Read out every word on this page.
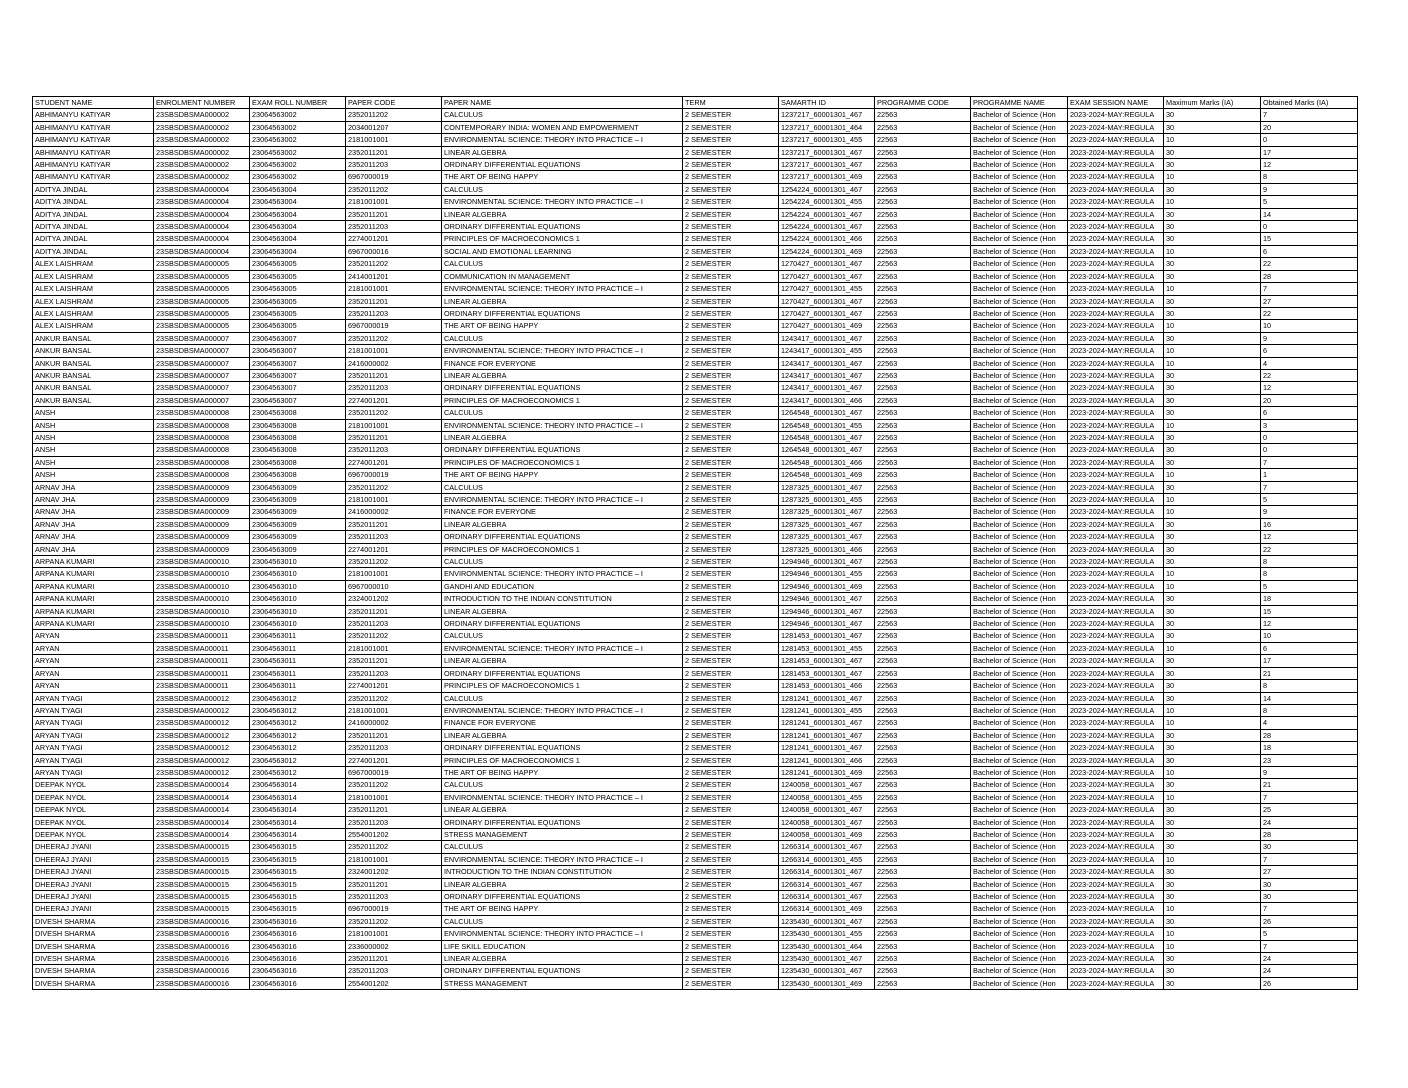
STUDENT NAME	ENROLMENT NUMBER	EXAM ROLL NUMBER	PAPER CODE	PAPER NAME	TERM	SAMARTH ID	PROGRAMME CODE	PROGRAMME NAME	EXAM SESSION NAME	Maximum Marks (IA)	Obtained Marks (IA)
ABHIMANYU KATIYAR	23SBSDBSMA000002	23064563002	2352011202	CALCULUS	2 SEMESTER	1237217_60001301_467	22563	Bachelor of Science (Hon	2023-2024-MAY:REGULA	30	7
ABHIMANYU KATIYAR	23SBSDBSMA000002	23064563002	2034001207	CONTEMPORARY INDIA: WOMEN AND EMPOWERMENT	2 SEMESTER	1237217_60001301_464	22563	Bachelor of Science (Hon	2023-2024-MAY:REGULA	30	20
ABHIMANYU KATIYAR	23SBSDBSMA000002	23064563002	2181001001	ENVIRONMENTAL SCIENCE: THEORY INTO PRACTICE – I	2 SEMESTER	1237217_60001301_455	22563	Bachelor of Science (Hon	2023-2024-MAY:REGULA	10	0
ABHIMANYU KATIYAR	23SBSDBSMA000002	23064563002	2352011201	LINEAR ALGEBRA	2 SEMESTER	1237217_60001301_467	22563	Bachelor of Science (Hon	2023-2024-MAY:REGULA	30	17
ABHIMANYU KATIYAR	23SBSDBSMA000002	23064563002	2352011203	ORDINARY DIFFERENTIAL EQUATIONS	2 SEMESTER	1237217_60001301_467	22563	Bachelor of Science (Hon	2023-2024-MAY:REGULA	30	12
ABHIMANYU KATIYAR	23SBSDBSMA000002	23064563002	6967000019	THE ART OF BEING HAPPY	2 SEMESTER	1237217_60001301_469	22563	Bachelor of Science (Hon	2023-2024-MAY:REGULA	10	8
ADITYA JINDAL	23SBSDBSMA000004	23064563004	2352011202	CALCULUS	2 SEMESTER	1254224_60001301_467	22563	Bachelor of Science (Hon	2023-2024-MAY:REGULA	30	9
ADITYA JINDAL	23SBSDBSMA000004	23064563004	2181001001	ENVIRONMENTAL SCIENCE: THEORY INTO PRACTICE – I	2 SEMESTER	1254224_60001301_455	22563	Bachelor of Science (Hon	2023-2024-MAY:REGULA	10	5
ADITYA JINDAL	23SBSDBSMA000004	23064563004	2352011201	LINEAR ALGEBRA	2 SEMESTER	1254224_60001301_467	22563	Bachelor of Science (Hon	2023-2024-MAY:REGULA	30	14
ADITYA JINDAL	23SBSDBSMA000004	23064563004	2352011203	ORDINARY DIFFERENTIAL EQUATIONS	2 SEMESTER	1254224_60001301_467	22563	Bachelor of Science (Hon	2023-2024-MAY:REGULA	30	0
ADITYA JINDAL	23SBSDBSMA000004	23064563004	2274001201	PRINCIPLES OF MACROECONOMICS 1	2 SEMESTER	1254224_60001301_466	22563	Bachelor of Science (Hon	2023-2024-MAY:REGULA	30	15
ADITYA JINDAL	23SBSDBSMA000004	23064563004	6967000016	SOCIAL AND EMOTIONAL LEARNING	2 SEMESTER	1254224_60001301_469	22563	Bachelor of Science (Hon	2023-2024-MAY:REGULA	10	6
ALEX LAISHRAM	23SBSDBSMA000005	23064563005	2352011202	CALCULUS	2 SEMESTER	1270427_60001301_467	22563	Bachelor of Science (Hon	2023-2024-MAY:REGULA	30	22
ALEX LAISHRAM	23SBSDBSMA000005	23064563005	2414001201	COMMUNICATION IN MANAGEMENT	2 SEMESTER	1270427_60001301_467	22563	Bachelor of Science (Hon	2023-2024-MAY:REGULA	30	28
ALEX LAISHRAM	23SBSDBSMA000005	23064563005	2181001001	ENVIRONMENTAL SCIENCE: THEORY INTO PRACTICE – I	2 SEMESTER	1270427_60001301_455	22563	Bachelor of Science (Hon	2023-2024-MAY:REGULA	10	7
ALEX LAISHRAM	23SBSDBSMA000005	23064563005	2352011201	LINEAR ALGEBRA	2 SEMESTER	1270427_60001301_467	22563	Bachelor of Science (Hon	2023-2024-MAY:REGULA	30	27
ALEX LAISHRAM	23SBSDBSMA000005	23064563005	2352011203	ORDINARY DIFFERENTIAL EQUATIONS	2 SEMESTER	1270427_60001301_467	22563	Bachelor of Science (Hon	2023-2024-MAY:REGULA	30	22
ALEX LAISHRAM	23SBSDBSMA000005	23064563005	6967000019	THE ART OF BEING HAPPY	2 SEMESTER	1270427_60001301_469	22563	Bachelor of Science (Hon	2023-2024-MAY:REGULA	10	10
ANKUR BANSAL	23SBSDBSMA000007	23064563007	2352011202	CALCULUS	2 SEMESTER	1243417_60001301_467	22563	Bachelor of Science (Hon	2023-2024-MAY:REGULA	30	9
ANKUR BANSAL	23SBSDBSMA000007	23064563007	2181001001	ENVIRONMENTAL SCIENCE: THEORY INTO PRACTICE – I	2 SEMESTER	1243417_60001301_455	22563	Bachelor of Science (Hon	2023-2024-MAY:REGULA	10	6
ANKUR BANSAL	23SBSDBSMA000007	23064563007	2416000002	FINANCE FOR EVERYONE	2 SEMESTER	1243417_60001301_467	22563	Bachelor of Science (Hon	2023-2024-MAY:REGULA	10	4
ANKUR BANSAL	23SBSDBSMA000007	23064563007	2352011201	LINEAR ALGEBRA	2 SEMESTER	1243417_60001301_467	22563	Bachelor of Science (Hon	2023-2024-MAY:REGULA	30	22
ANKUR BANSAL	23SBSDBSMA000007	23064563007	2352011203	ORDINARY DIFFERENTIAL EQUATIONS	2 SEMESTER	1243417_60001301_467	22563	Bachelor of Science (Hon	2023-2024-MAY:REGULA	30	12
ANKUR BANSAL	23SBSDBSMA000007	23064563007	2274001201	PRINCIPLES OF MACROECONOMICS 1	2 SEMESTER	1243417_60001301_466	22563	Bachelor of Science (Hon	2023-2024-MAY:REGULA	30	20
ANSH	23SBSDBSMA000008	23064563008	2352011202	CALCULUS	2 SEMESTER	1264548_60001301_467	22563	Bachelor of Science (Hon	2023-2024-MAY:REGULA	30	6
ANSH	23SBSDBSMA000008	23064563008	2181001001	ENVIRONMENTAL SCIENCE: THEORY INTO PRACTICE – I	2 SEMESTER	1264548_60001301_455	22563	Bachelor of Science (Hon	2023-2024-MAY:REGULA	10	3
ANSH	23SBSDBSMA000008	23064563008	2352011201	LINEAR ALGEBRA	2 SEMESTER	1264548_60001301_467	22563	Bachelor of Science (Hon	2023-2024-MAY:REGULA	30	0
ANSH	23SBSDBSMA000008	23064563008	2352011203	ORDINARY DIFFERENTIAL EQUATIONS	2 SEMESTER	1264548_60001301_467	22563	Bachelor of Science (Hon	2023-2024-MAY:REGULA	30	0
ANSH	23SBSDBSMA000008	23064563008	2274001201	PRINCIPLES OF MACROECONOMICS 1	2 SEMESTER	1264548_60001301_466	22563	Bachelor of Science (Hon	2023-2024-MAY:REGULA	30	7
ANSH	23SBSDBSMA000008	23064563008	6967000019	THE ART OF BEING HAPPY	2 SEMESTER	1264548_60001301_469	22563	Bachelor of Science (Hon	2023-2024-MAY:REGULA	10	1
ARNAV JHA	23SBSDBSMA000009	23064563009	2352011202	CALCULUS	2 SEMESTER	1287325_60001301_467	22563	Bachelor of Science (Hon	2023-2024-MAY:REGULA	30	7
ARNAV JHA	23SBSDBSMA000009	23064563009	2181001001	ENVIRONMENTAL SCIENCE: THEORY INTO PRACTICE – I	2 SEMESTER	1287325_60001301_455	22563	Bachelor of Science (Hon	2023-2024-MAY:REGULA	10	5
ARNAV JHA	23SBSDBSMA000009	23064563009	2416000002	FINANCE FOR EVERYONE	2 SEMESTER	1287325_60001301_467	22563	Bachelor of Science (Hon	2023-2024-MAY:REGULA	10	9
ARNAV JHA	23SBSDBSMA000009	23064563009	2352011201	LINEAR ALGEBRA	2 SEMESTER	1287325_60001301_467	22563	Bachelor of Science (Hon	2023-2024-MAY:REGULA	30	16
ARNAV JHA	23SBSDBSMA000009	23064563009	2352011203	ORDINARY DIFFERENTIAL EQUATIONS	2 SEMESTER	1287325_60001301_467	22563	Bachelor of Science (Hon	2023-2024-MAY:REGULA	30	12
ARNAV JHA	23SBSDBSMA000009	23064563009	2274001201	PRINCIPLES OF MACROECONOMICS 1	2 SEMESTER	1287325_60001301_466	22563	Bachelor of Science (Hon	2023-2024-MAY:REGULA	30	22
ARPANA KUMARI	23SBSDBSMA000010	23064563010	2352011202	CALCULUS	2 SEMESTER	1294946_60001301_467	22563	Bachelor of Science (Hon	2023-2024-MAY:REGULA	30	8
ARPANA KUMARI	23SBSDBSMA000010	23064563010	2181001001	ENVIRONMENTAL SCIENCE: THEORY INTO PRACTICE – I	2 SEMESTER	1294946_60001301_455	22563	Bachelor of Science (Hon	2023-2024-MAY:REGULA	10	8
ARPANA KUMARI	23SBSDBSMA000010	23064563010	6967000010	GANDHI AND EDUCATION	2 SEMESTER	1294946_60001301_469	22563	Bachelor of Science (Hon	2023-2024-MAY:REGULA	10	5
ARPANA KUMARI	23SBSDBSMA000010	23064563010	2324001202	INTRODUCTION TO THE INDIAN CONSTITUTION	2 SEMESTER	1294946_60001301_467	22563	Bachelor of Science (Hon	2023-2024-MAY:REGULA	30	18
ARPANA KUMARI	23SBSDBSMA000010	23064563010	2352011201	LINEAR ALGEBRA	2 SEMESTER	1294946_60001301_467	22563	Bachelor of Science (Hon	2023-2024-MAY:REGULA	30	15
ARPANA KUMARI	23SBSDBSMA000010	23064563010	2352011203	ORDINARY DIFFERENTIAL EQUATIONS	2 SEMESTER	1294946_60001301_467	22563	Bachelor of Science (Hon	2023-2024-MAY:REGULA	30	12
ARYAN	23SBSDBSMA000011	23064563011	2352011202	CALCULUS	2 SEMESTER	1281453_60001301_467	22563	Bachelor of Science (Hon	2023-2024-MAY:REGULA	30	10
ARYAN	23SBSDBSMA000011	23064563011	2181001001	ENVIRONMENTAL SCIENCE: THEORY INTO PRACTICE – I	2 SEMESTER	1281453_60001301_455	22563	Bachelor of Science (Hon	2023-2024-MAY:REGULA	10	6
ARYAN	23SBSDBSMA000011	23064563011	2352011201	LINEAR ALGEBRA	2 SEMESTER	1281453_60001301_467	22563	Bachelor of Science (Hon	2023-2024-MAY:REGULA	30	17
ARYAN	23SBSDBSMA000011	23064563011	2352011203	ORDINARY DIFFERENTIAL EQUATIONS	2 SEMESTER	1281453_60001301_467	22563	Bachelor of Science (Hon	2023-2024-MAY:REGULA	30	21
ARYAN	23SBSDBSMA000011	23064563011	2274001201	PRINCIPLES OF MACROECONOMICS 1	2 SEMESTER	1281453_60001301_466	22563	Bachelor of Science (Hon	2023-2024-MAY:REGULA	30	8
ARYAN TYAGI	23SBSDBSMA000012	23064563012	2352011202	CALCULUS	2 SEMESTER	1281241_60001301_467	22563	Bachelor of Science (Hon	2023-2024-MAY:REGULA	30	14
ARYAN TYAGI	23SBSDBSMA000012	23064563012	2181001001	ENVIRONMENTAL SCIENCE: THEORY INTO PRACTICE – I	2 SEMESTER	1281241_60001301_455	22563	Bachelor of Science (Hon	2023-2024-MAY:REGULA	10	8
ARYAN TYAGI	23SBSDBSMA000012	23064563012	2416000002	FINANCE FOR EVERYONE	2 SEMESTER	1281241_60001301_467	22563	Bachelor of Science (Hon	2023-2024-MAY:REGULA	10	4
ARYAN TYAGI	23SBSDBSMA000012	23064563012	2352011201	LINEAR ALGEBRA	2 SEMESTER	1281241_60001301_467	22563	Bachelor of Science (Hon	2023-2024-MAY:REGULA	30	28
ARYAN TYAGI	23SBSDBSMA000012	23064563012	2352011203	ORDINARY DIFFERENTIAL EQUATIONS	2 SEMESTER	1281241_60001301_467	22563	Bachelor of Science (Hon	2023-2024-MAY:REGULA	30	18
ARYAN TYAGI	23SBSDBSMA000012	23064563012	2274001201	PRINCIPLES OF MACROECONOMICS 1	2 SEMESTER	1281241_60001301_466	22563	Bachelor of Science (Hon	2023-2024-MAY:REGULA	30	23
ARYAN TYAGI	23SBSDBSMA000012	23064563012	6967000019	THE ART OF BEING HAPPY	2 SEMESTER	1281241_60001301_469	22563	Bachelor of Science (Hon	2023-2024-MAY:REGULA	10	9
DEEPAK NYOL	23SBSDBSMA000014	23064563014	2352011202	CALCULUS	2 SEMESTER	1240058_60001301_467	22563	Bachelor of Science (Hon	2023-2024-MAY:REGULA	30	21
DEEPAK NYOL	23SBSDBSMA000014	23064563014	2181001001	ENVIRONMENTAL SCIENCE: THEORY INTO PRACTICE – I	2 SEMESTER	1240058_60001301_455	22563	Bachelor of Science (Hon	2023-2024-MAY:REGULA	10	7
DEEPAK NYOL	23SBSDBSMA000014	23064563014	2352011201	LINEAR ALGEBRA	2 SEMESTER	1240058_60001301_467	22563	Bachelor of Science (Hon	2023-2024-MAY:REGULA	30	25
DEEPAK NYOL	23SBSDBSMA000014	23064563014	2352011203	ORDINARY DIFFERENTIAL EQUATIONS	2 SEMESTER	1240058_60001301_467	22563	Bachelor of Science (Hon	2023-2024-MAY:REGULA	30	24
DEEPAK NYOL	23SBSDBSMA000014	23064563014	2554001202	STRESS MANAGEMENT	2 SEMESTER	1240058_60001301_469	22563	Bachelor of Science (Hon	2023-2024-MAY:REGULA	30	28
DHEERAJ JYANI	23SBSDBSMA000015	23064563015	2352011202	CALCULUS	2 SEMESTER	1266314_60001301_467	22563	Bachelor of Science (Hon	2023-2024-MAY:REGULA	30	30
DHEERAJ JYANI	23SBSDBSMA000015	23064563015	2181001001	ENVIRONMENTAL SCIENCE: THEORY INTO PRACTICE – I	2 SEMESTER	1266314_60001301_455	22563	Bachelor of Science (Hon	2023-2024-MAY:REGULA	10	7
DHEERAJ JYANI	23SBSDBSMA000015	23064563015	2324001202	INTRODUCTION TO THE INDIAN CONSTITUTION	2 SEMESTER	1266314_60001301_467	22563	Bachelor of Science (Hon	2023-2024-MAY:REGULA	30	27
DHEERAJ JYANI	23SBSDBSMA000015	23064563015	2352011201	LINEAR ALGEBRA	2 SEMESTER	1266314_60001301_467	22563	Bachelor of Science (Hon	2023-2024-MAY:REGULA	30	30
DHEERAJ JYANI	23SBSDBSMA000015	23064563015	2352011203	ORDINARY DIFFERENTIAL EQUATIONS	2 SEMESTER	1266314_60001301_467	22563	Bachelor of Science (Hon	2023-2024-MAY:REGULA	30	30
DHEERAJ JYANI	23SBSDBSMA000015	23064563015	6967000019	THE ART OF BEING HAPPY	2 SEMESTER	1266314_60001301_469	22563	Bachelor of Science (Hon	2023-2024-MAY:REGULA	10	7
DIVESH SHARMA	23SBSDBSMA000016	23064563016	2352011202	CALCULUS	2 SEMESTER	1235430_60001301_467	22563	Bachelor of Science (Hon	2023-2024-MAY:REGULA	30	26
DIVESH SHARMA	23SBSDBSMA000016	23064563016	2181001001	ENVIRONMENTAL SCIENCE: THEORY INTO PRACTICE – I	2 SEMESTER	1235430_60001301_455	22563	Bachelor of Science (Hon	2023-2024-MAY:REGULA	10	5
DIVESH SHARMA	23SBSDBSMA000016	23064563016	2336000002	LIFE SKILL EDUCATION	2 SEMESTER	1235430_60001301_464	22563	Bachelor of Science (Hon	2023-2024-MAY:REGULA	10	7
DIVESH SHARMA	23SBSDBSMA000016	23064563016	2352011201	LINEAR ALGEBRA	2 SEMESTER	1235430_60001301_467	22563	Bachelor of Science (Hon	2023-2024-MAY:REGULA	30	24
DIVESH SHARMA	23SBSDBSMA000016	23064563016	2352011203	ORDINARY DIFFERENTIAL EQUATIONS	2 SEMESTER	1235430_60001301_467	22563	Bachelor of Science (Hon	2023-2024-MAY:REGULA	30	24
DIVESH SHARMA	23SBSDBSMA000016	23064563016	2554001202	STRESS MANAGEMENT	2 SEMESTER	1235430_60001301_469	22563	Bachelor of Science (Hon	2023-2024-MAY:REGULA	30	26
